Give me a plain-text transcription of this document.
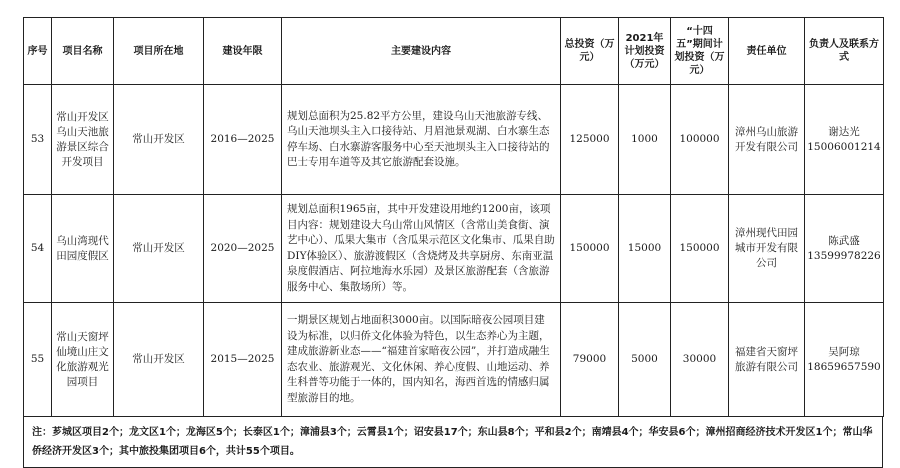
序号	项目名称	项目所在地	建设年限	主要建设内容	总投资（万元）	2021年计划投资（万元）	“十四五”期间计划投资（万元）	责任单位	负责人及联系方式
53	常山开发区乌山天池旅游景区综合开发项目	常山开发区	2016—2025	规划总面积为25.82平方公里，建设乌山天池旅游专线、乌山天池坝头主入口接待站、月眉池景观湖、白水寨生态停车场、白水寨游客服务中心至天池坝头主入口接待站的巴士专用车道等及其它旅游配套设施。	125000	1000	100000	漳州乌山旅游开发有限公司	谢达光 15006001214
54	乌山湾现代田园度假区	常山开发区	2020—2025	规划总面积1965亩，其中开发建设用地约1200亩，该项目内容：规划建设大乌山常山风情区（含常山美食街、演艺中心）、瓜果大集市（含瓜果示范区文化集市、瓜果自助DIY体验区）、旅游渡假区（含烧烤及共享厨房、东南亚温泉度假酒店、阿拉地海水乐园）及景区旅游配套（含旅游服务中心、集散场所）等。	150000	15000	150000	漳州现代田园城市开发有限公司	陈武盛 13599978226
55	常山天窗坪仙境山庄文化旅游观光园项目	常山开发区	2015—2025	一期景区规划占地面积3000亩。以国际暗夜公园项目建设为标准，以归侨文化体验为特色，以生态养心为主题，建成旅游新业态——“福建首家暗夜公园”，并打造成融生态农业、旅游观光、文化休闲、养心度假、山地运动、养生科普等功能于一体的，国内知名，海西首选的情感归属型旅游目的地。	79000	5000	30000	福建省天窗坪旅游有限公司	吴阿琼 18659657590
注：芗城区项目2个；龙文区1个；龙海区5个；长泰区1个；漳浦县3个；云霄县1个；诏安县17个；东山县8个；平和县2个；南靖县4个；华安县6个；漳州招商经济技术开发区1个；常山华侨经济开发区3个；其中旅投集团项目6个，共计55个项目。
